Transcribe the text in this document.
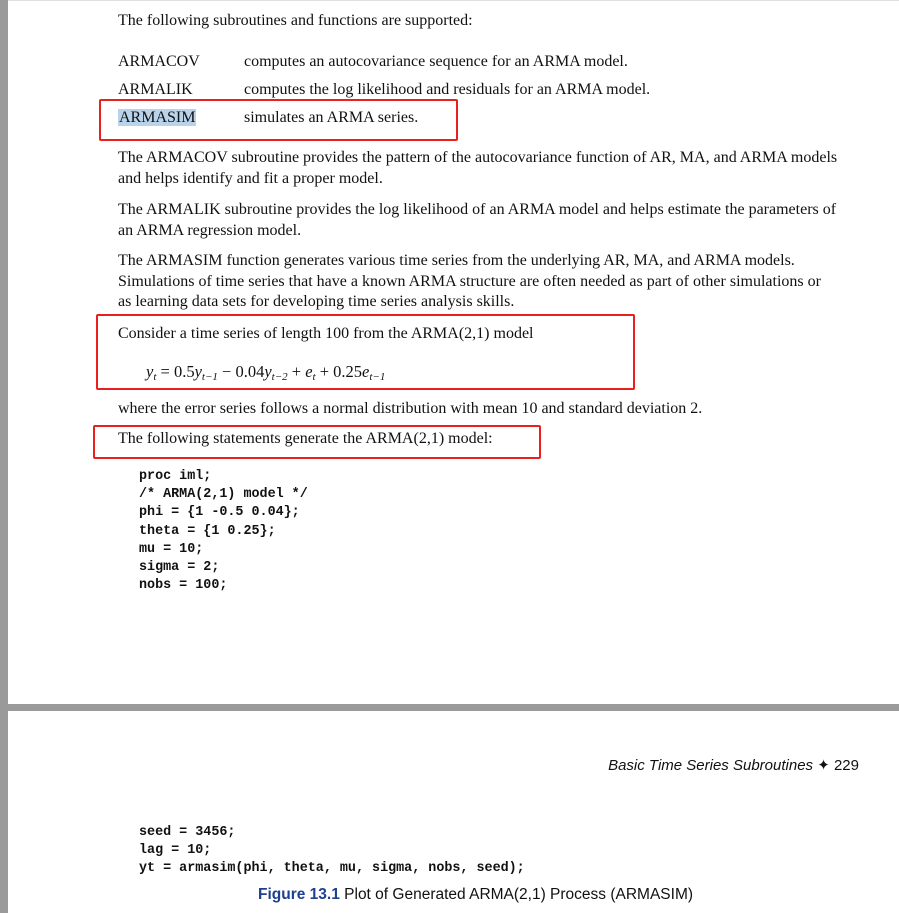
The following subroutines and functions are supported:
ARMACOV	computes an autocovariance sequence for an ARMA model.
ARMALIK	computes the log likelihood and residuals for an ARMA model.
ARMASIM	simulates an ARMA series.
The ARMACOV subroutine provides the pattern of the autocovariance function of AR, MA, and ARMA models and helps identify and fit a proper model.
The ARMALIK subroutine provides the log likelihood of an ARMA model and helps estimate the parameters of an ARMA regression model.
The ARMASIM function generates various time series from the underlying AR, MA, and ARMA models. Simulations of time series that have a known ARMA structure are often needed as part of other simulations or as learning data sets for developing time series analysis skills.
Consider a time series of length 100 from the ARMA(2,1) model
$y_t = 0.5y_{t-1} - 0.04y_{t-2} + e_t + 0.25e_{t-1}$
where the error series follows a normal distribution with mean 10 and standard deviation 2.
The following statements generate the ARMA(2,1) model:
proc iml;
/* ARMA(2,1) model */
phi = {1 -0.5 0.04};
theta = {1 0.25};
mu = 10;
sigma = 2;
nobs = 100;
Basic Time Series Subroutines ✦ 229
seed = 3456;
lag = 10;
yt = armasim(phi, theta, mu, sigma, nobs, seed);
Figure 13.1 Plot of Generated ARMA(2,1) Process (ARMASIM)
